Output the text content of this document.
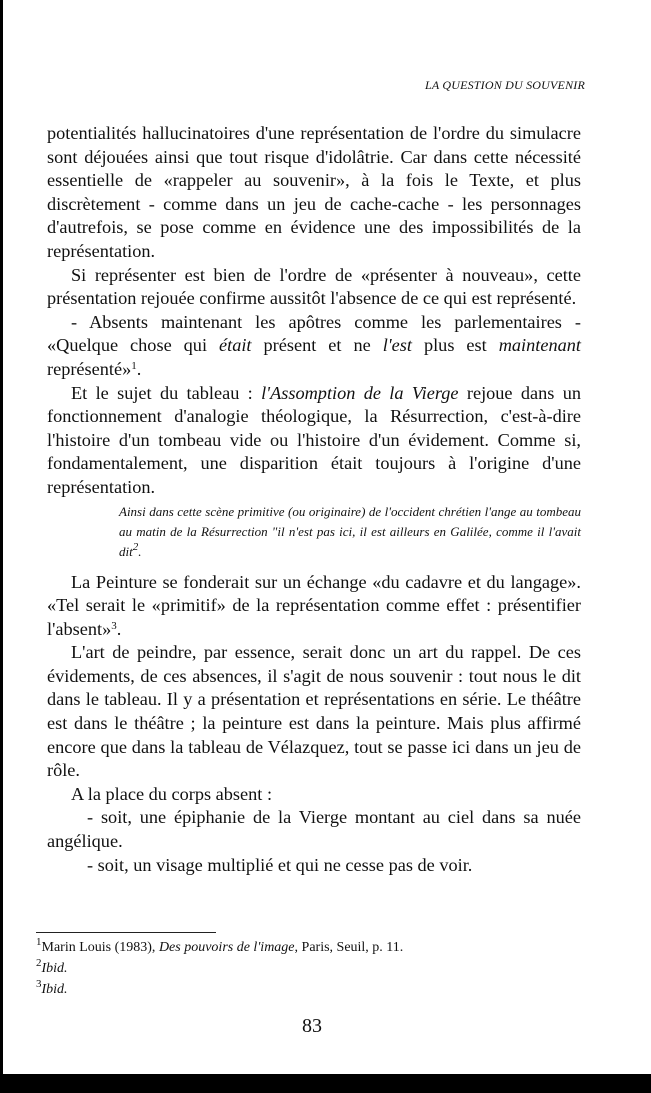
LA QUESTION DU SOUVENIR

potentialités hallucinatoires d'une représentation de l'ordre du simulacre sont déjouées ainsi que tout risque d'idolâtrie. Car dans cette nécessité essentielle de «rappeler au souvenir», à la fois le Texte, et plus discrètement - comme dans un jeu de cache-cache - les personnages d'autrefois, se pose comme en évidence une des impossibilités de la représentation.

Si représenter est bien de l'ordre de «présenter à nouveau», cette présentation rejouée confirme aussitôt l'absence de ce qui est représenté.

- Absents maintenant les apôtres comme les parlementaires - «Quelque chose qui était présent et ne l'est plus est maintenant représenté»$^1$.

Et le sujet du tableau : l'Assomption de la Vierge rejoue dans un fonctionnement d'analogie théologique, la Résurrection, c'est-à-dire l'histoire d'un tombeau vide ou l'histoire d'un évidement. Comme si, fondamentalement, une disparition était toujours à l'origine d'une représentation.

Ainsi dans cette scène primitive (ou originaire) de l'occident chrétien l'ange au tombeau au matin de la Résurrection "il n'est pas ici, il est ailleurs en Galilée, comme il l'avait dit$^2$.

La Peinture se fonderait sur un échange «du cadavre et du langage». «Tel serait le «primitif» de la représentation comme effet : présentifier l'absent»$^3$.

L'art de peindre, par essence, serait donc un art du rappel. De ces évidements, de ces absences, il s'agit de nous souvenir : tout nous le dit dans le tableau. Il y a présentation et représentations en série. Le théâtre est dans le théâtre ; la peinture est dans la peinture. Mais plus affirmé encore que dans la tableau de Vélazquez, tout se passe ici dans un jeu de rôle.

A la place du corps absent :

- soit, une épiphanie de la Vierge montant au ciel dans sa nuée angélique.

- soit, un visage multiplié et qui ne cesse pas de voir.

$^1$Marin Louis (1983), Des pouvoirs de l'image, Paris, Seuil, p. 11.

$^2$Ibid.

$^3$Ibid.

83
